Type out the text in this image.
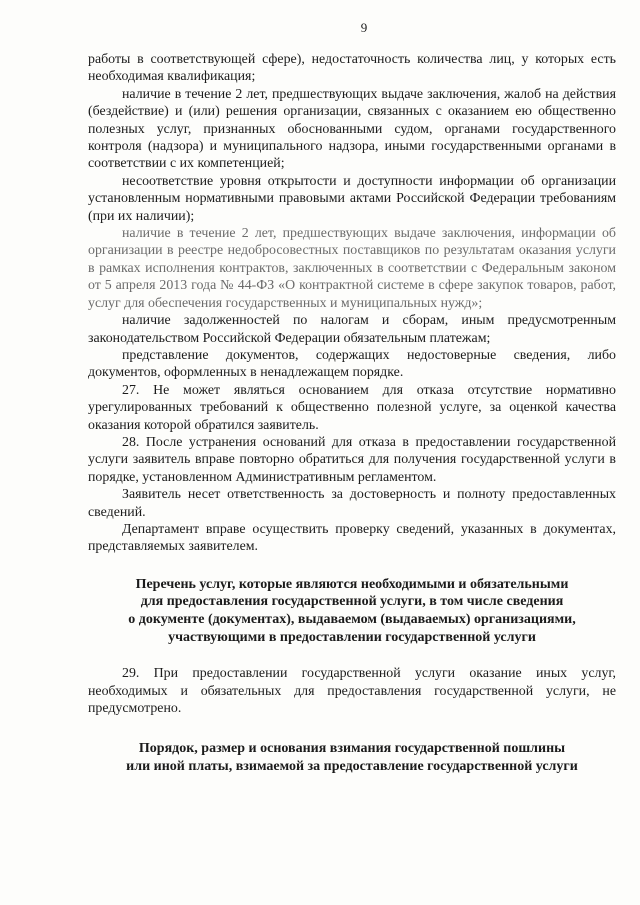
9

работы в соответствующей сфере), недостаточность количества лиц, у которых есть необходимая квалификация;

наличие в течение 2 лет, предшествующих выдаче заключения, жалоб на действия (бездействие) и (или) решения организации, связанных с оказанием ею общественно полезных услуг, признанных обоснованными судом, органами государственного контроля (надзора) и муниципального надзора, иными государственными органами в соответствии с их компетенцией;

несоответствие уровня открытости и доступности информации об организации установленным нормативными правовыми актами Российской Федерации требованиям (при их наличии);

наличие в течение 2 лет, предшествующих выдаче заключения, информации об организации в реестре недобросовестных поставщиков по результатам оказания услуги в рамках исполнения контрактов, заключенных в соответствии с Федеральным законом от 5 апреля 2013 года № 44-ФЗ «О контрактной системе в сфере закупок товаров, работ, услуг для обеспечения государственных и муниципальных нужд»;

наличие задолженностей по налогам и сборам, иным предусмотренным законодательством Российской Федерации обязательным платежам;

представление документов, содержащих недостоверные сведения, либо документов, оформленных в ненадлежащем порядке.

27. Не может являться основанием для отказа отсутствие нормативно урегулированных требований к общественно полезной услуге, за оценкой качества оказания которой обратился заявитель.

28. После устранения оснований для отказа в предоставлении государственной услуги заявитель вправе повторно обратиться для получения государственной услуги в порядке, установленном Административным регламентом.

Заявитель несет ответственность за достоверность и полноту предоставленных сведений.

Департамент вправе осуществить проверку сведений, указанных в документах, представляемых заявителем.

Перечень услуг, которые являются необходимыми и обязательными
для предоставления государственной услуги, в том числе сведения
о документе (документах), выдаваемом (выдаваемых) организациями,
участвующими в предоставлении государственной услуги

29. При предоставлении государственной услуги оказание иных услуг, необходимых и обязательных для предоставления государственной услуги, не предусмотрено.

Порядок, размер и основания взимания государственной пошлины
или иной платы, взимаемой за предоставление государственной услуги
